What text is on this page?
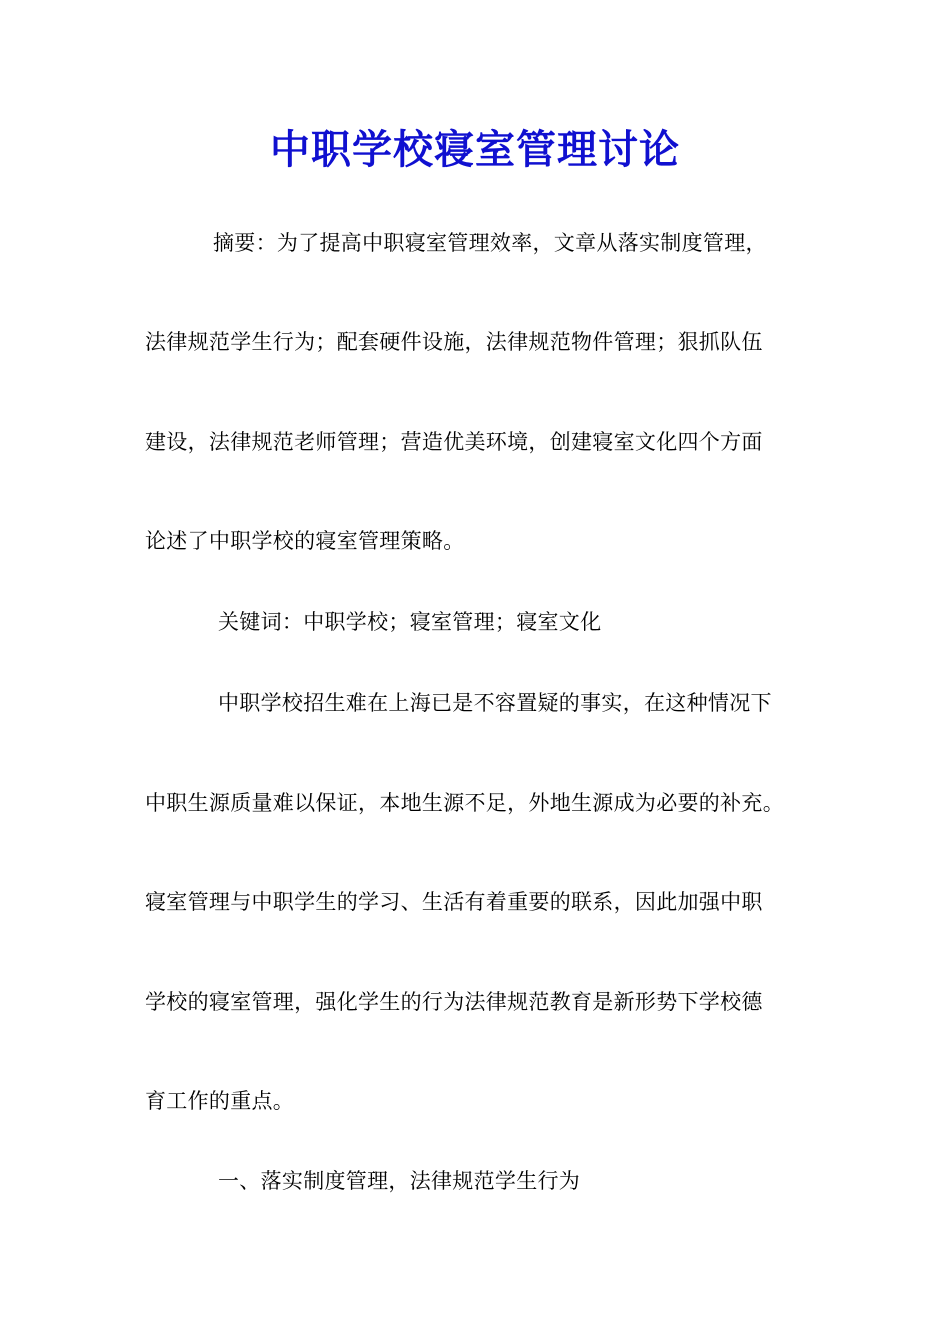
中职学校寝室管理讨论
摘要：为了提高中职寝室管理效率，文章从落实制度管理，
法律规范学生行为；配套硬件设施，法律规范物件管理；狠抓队伍
建设，法律规范老师管理；营造优美环境，创建寝室文化四个方面
论述了中职学校的寝室管理策略。
关键词：中职学校；寝室管理；寝室文化
中职学校招生难在上海已是不容置疑的事实，在这种情况下
中职生源质量难以保证，本地生源不足，外地生源成为必要的补充。
寝室管理与中职学生的学习、生活有着重要的联系，因此加强中职
学校的寝室管理，强化学生的行为法律规范教育是新形势下学校德
育工作的重点。
一、落实制度管理，法律规范学生行为
